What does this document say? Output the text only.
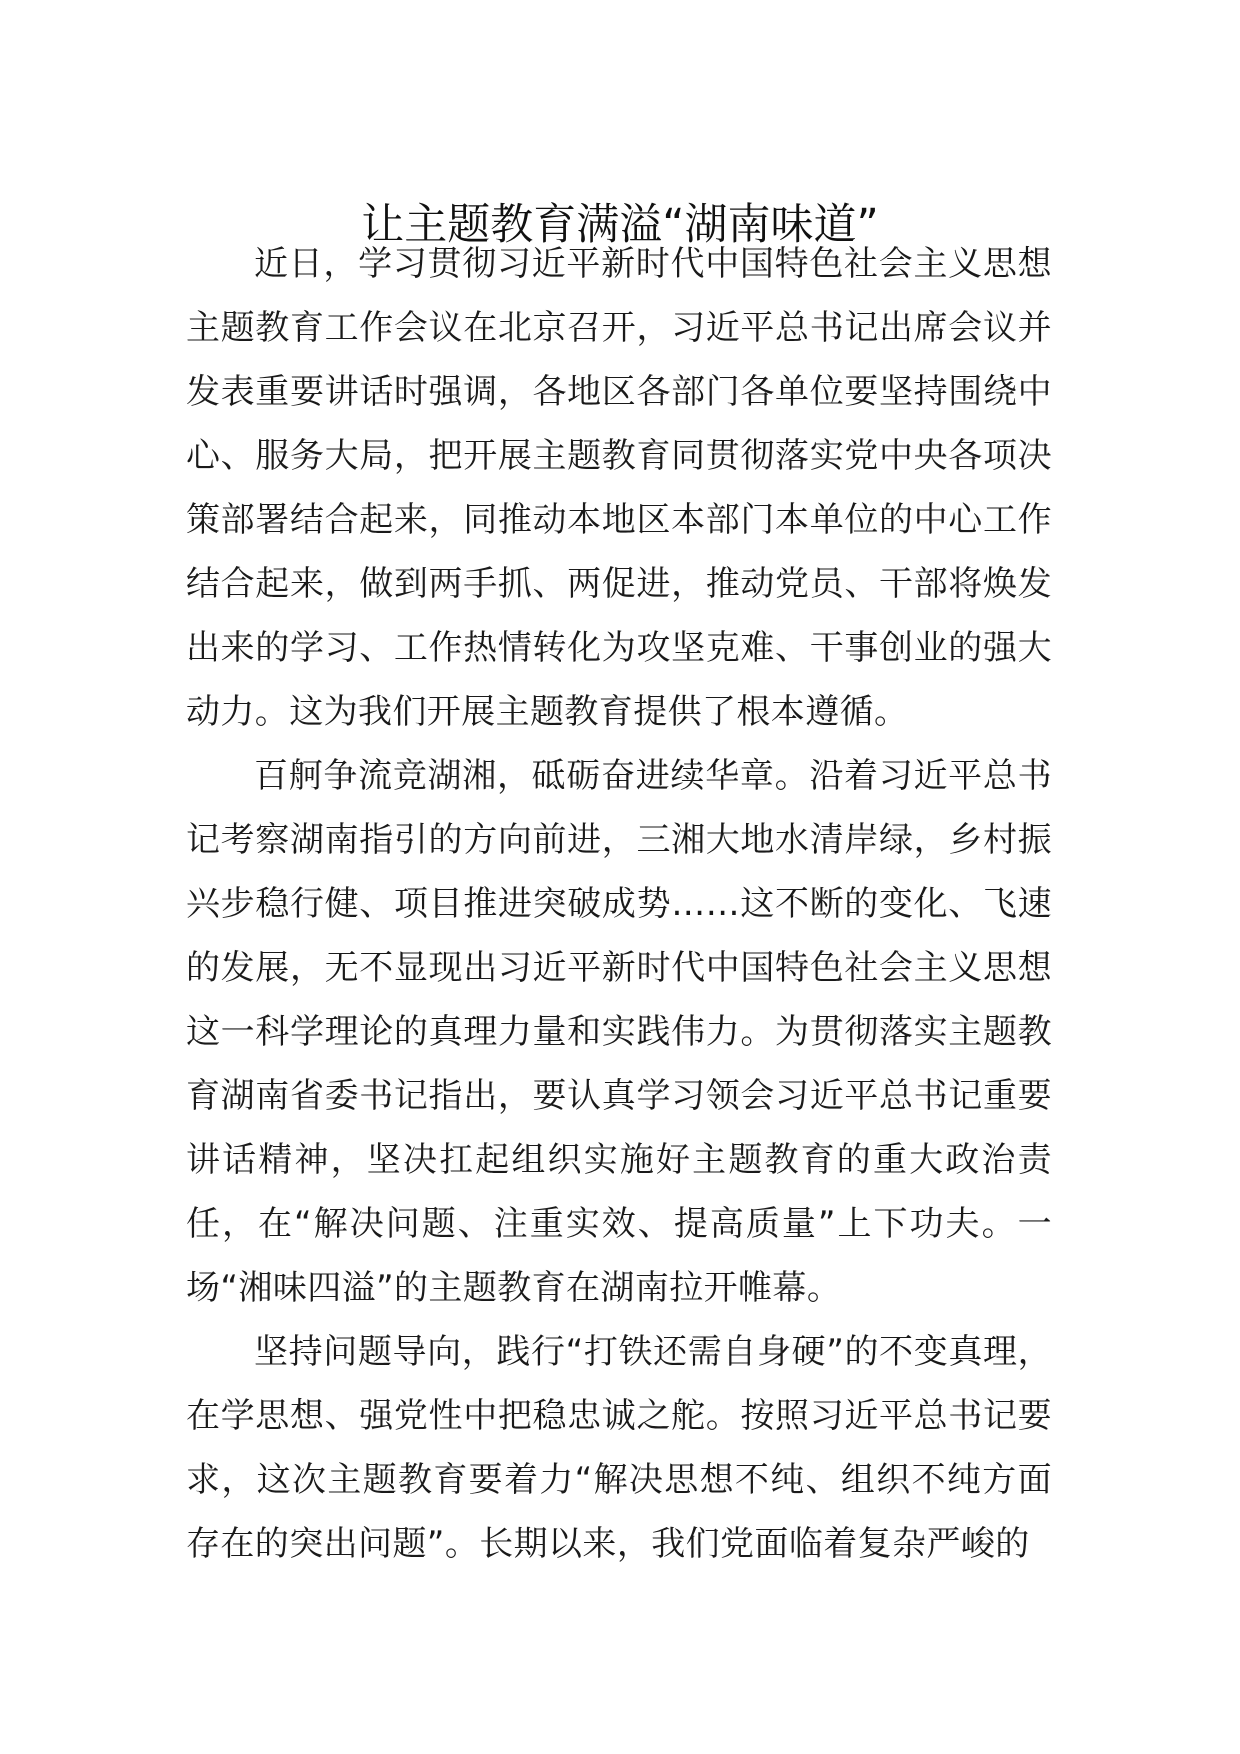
让主题教育满溢“湖南味道”

近日，学习贯彻习近平新时代中国特色社会主义思想主题教育工作会议在北京召开，习近平总书记出席会议并发表重要讲话时强调，各地区各部门各单位要坚持围绕中心、服务大局，把开展主题教育同贯彻落实党中央各项决策部署结合起来，同推动本地区本部门本单位的中心工作结合起来，做到两手抓、两促进，推动党员、干部将焕发出来的学习、工作热情转化为攻坚克难、干事创业的强大动力。这为我们开展主题教育提供了根本遵循。

百舸争流竞湖湘，砥砺奋进续华章。沿着习近平总书记考察湖南指引的方向前进，三湘大地水清岸绿，乡村振兴步稳行健、项目推进突破成势……这不断的变化、飞速的发展，无不显现出习近平新时代中国特色社会主义思想这一科学理论的真理力量和实践伟力。为贯彻落实主题教育湖南省委书记指出，要认真学习领会习近平总书记重要讲话精神，坚决扛起组织实施好主题教育的重大政治责任，在“解决问题、注重实效、提高质量”上下功夫。一场“湘味四溢”的主题教育在湖南拉开帷幕。

坚持问题导向，践行“打铁还需自身硬”的不变真理，在学思想、强党性中把稳忠诚之舵。按照习近平总书记要求，这次主题教育要着力“解决思想不纯、组织不纯方面存在的突出问题”。长期以来，我们党面临着复杂严峻的
